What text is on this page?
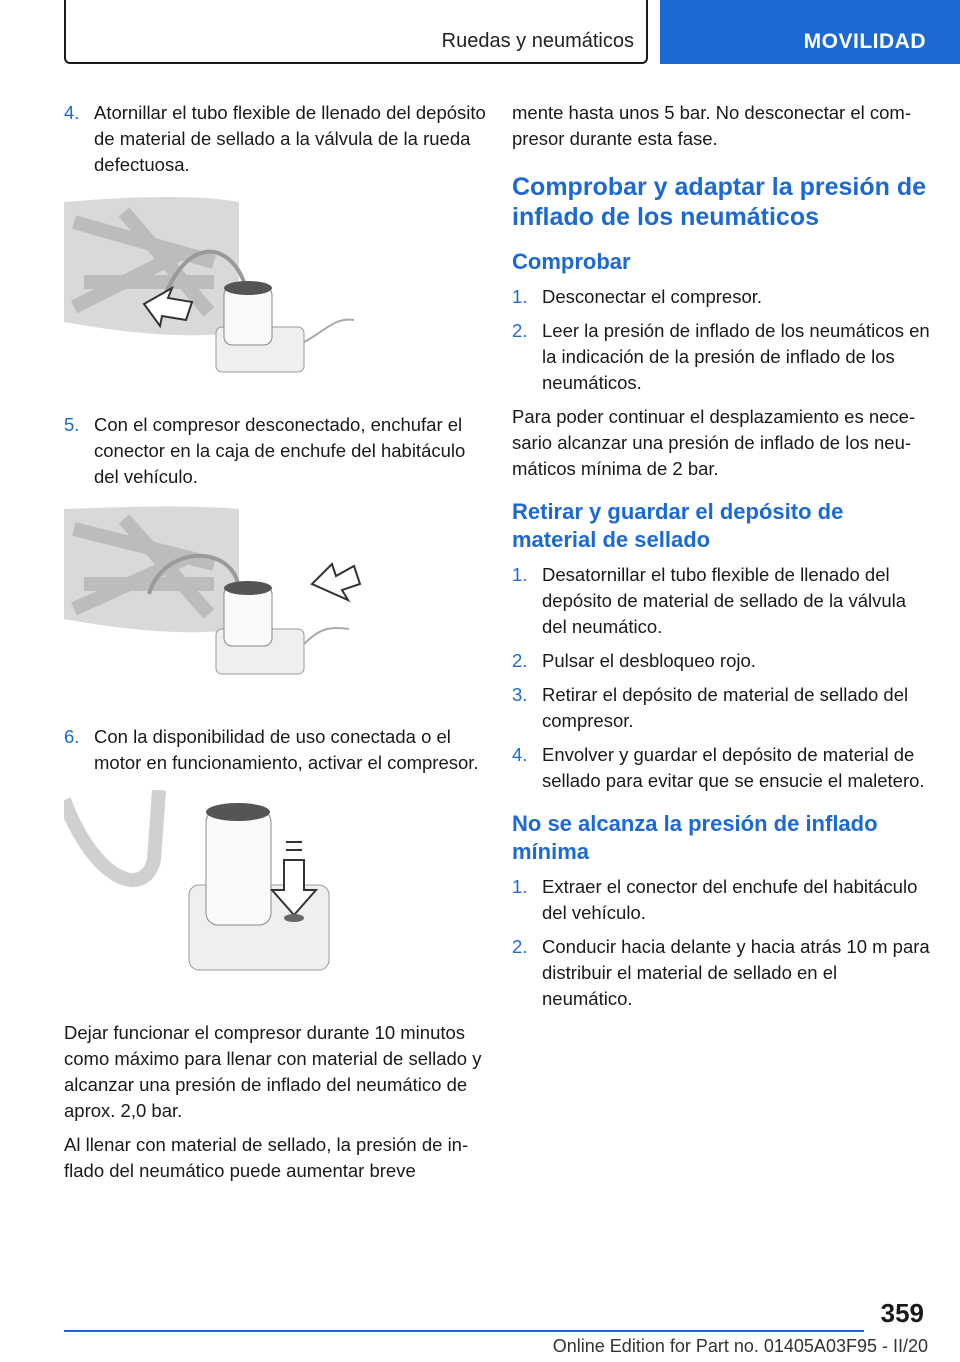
Ruedas y neumáticos	MOVILIDAD
4. Atornillar el tubo flexible de llenado del depósito de material de sellado a la válvula de la rueda defectuosa.
5. Con el compresor desconectado, enchufar el conector en la caja de enchufe del habitáculo del vehículo.
6. Con la disponibilidad de uso conectada o el motor en funcionamiento, activar el compresor.

Dejar funcionar el compresor durante 10 minutos como máximo para llenar con material de sellado y alcanzar una presión de inflado del neumático de aprox. 2,0 bar.

Al llenar con material de sellado, la presión de inflado del neumático puede aumentar breve

mente hasta unos 5 bar. No desconectar el compresor durante esta fase.

Comprobar y adaptar la presión de inflado de los neumáticos
Comprobar
1. Desconectar el compresor.
2. Leer la presión de inflado de los neumáticos en la indicación de la presión de inflado de los neumáticos.

Para poder continuar el desplazamiento es necesario alcanzar una presión de inflado de los neumáticos mínima de 2 bar.

Retirar y guardar el depósito de material de sellado
1. Desatornillar el tubo flexible de llenado del depósito de material de sellado de la válvula del neumático.
2. Pulsar el desbloqueo rojo.
3. Retirar el depósito de material de sellado del compresor.
4. Envolver y guardar el depósito de material de sellado para evitar que se ensucie el maletero.
No se alcanza la presión de inflado mínima
1. Extraer el conector del enchufe del habitáculo del vehículo.
2. Conducir hacia delante y hacia atrás 10 m para distribuir el material de sellado en el neumático.
359
Online Edition for Part no. 01405A03F95 - II/20
